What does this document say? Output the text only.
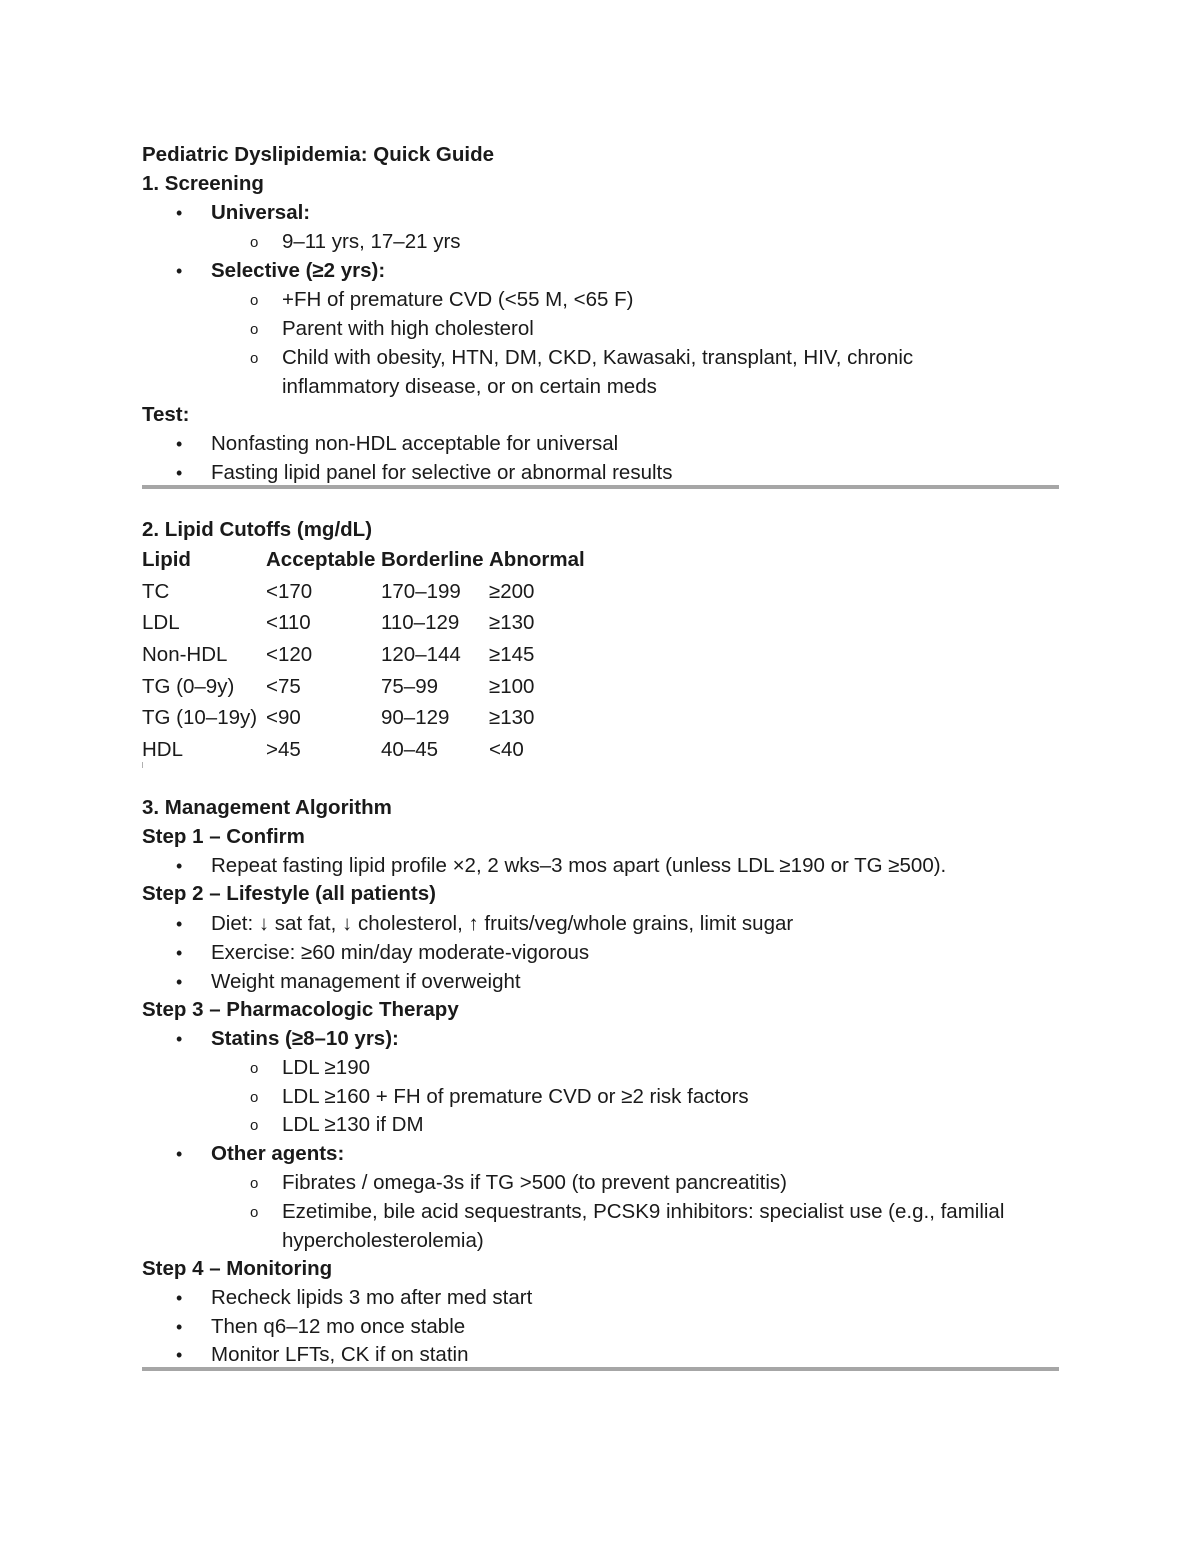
Pediatric Dyslipidemia: Quick Guide
1. Screening
• Universal:
o 9–11 yrs, 17–21 yrs
• Selective (≥2 yrs):
o +FH of premature CVD (<55 M, <65 F)
o Parent with high cholesterol
o Child with obesity, HTN, DM, CKD, Kawasaki, transplant, HIV, chronic
inflammatory disease, or on certain meds
Test:
• Nonfasting non-HDL acceptable for universal
• Fasting lipid panel for selective or abnormal results
2. Lipid Cutoffs (mg/dL)
Lipid	Acceptable Borderline Abnormal
TC	<170	170–199 ≥200
LDL	<110	110–129 ≥130
Non-HDL <120	120–144 ≥145
TG (0–9y) <75	75–99 ≥100
TG (10–19y) <90	90–129 ≥130
HDL	>45	40–45 <40
3. Management Algorithm
Step 1 – Confirm
• Repeat fasting lipid profile ×2, 2 wks–3 mos apart (unless LDL ≥190 or TG ≥500).
Step 2 – Lifestyle (all patients)
• Diet: ↓ sat fat, ↓ cholesterol, ↑ fruits/veg/whole grains, limit sugar
• Exercise: ≥60 min/day moderate-vigorous
• Weight management if overweight
Step 3 – Pharmacologic Therapy
• Statins (≥8–10 yrs):
o LDL ≥190
o LDL ≥160 + FH of premature CVD or ≥2 risk factors
o LDL ≥130 if DM
• Other agents:
o Fibrates / omega-3s if TG >500 (to prevent pancreatitis)
o Ezetimibe, bile acid sequestrants, PCSK9 inhibitors: specialist use (e.g., familial
hypercholesterolemia)
Step 4 – Monitoring
• Recheck lipids 3 mo after med start
• Then q6–12 mo once stable
• Monitor LFTs, CK if on statin
